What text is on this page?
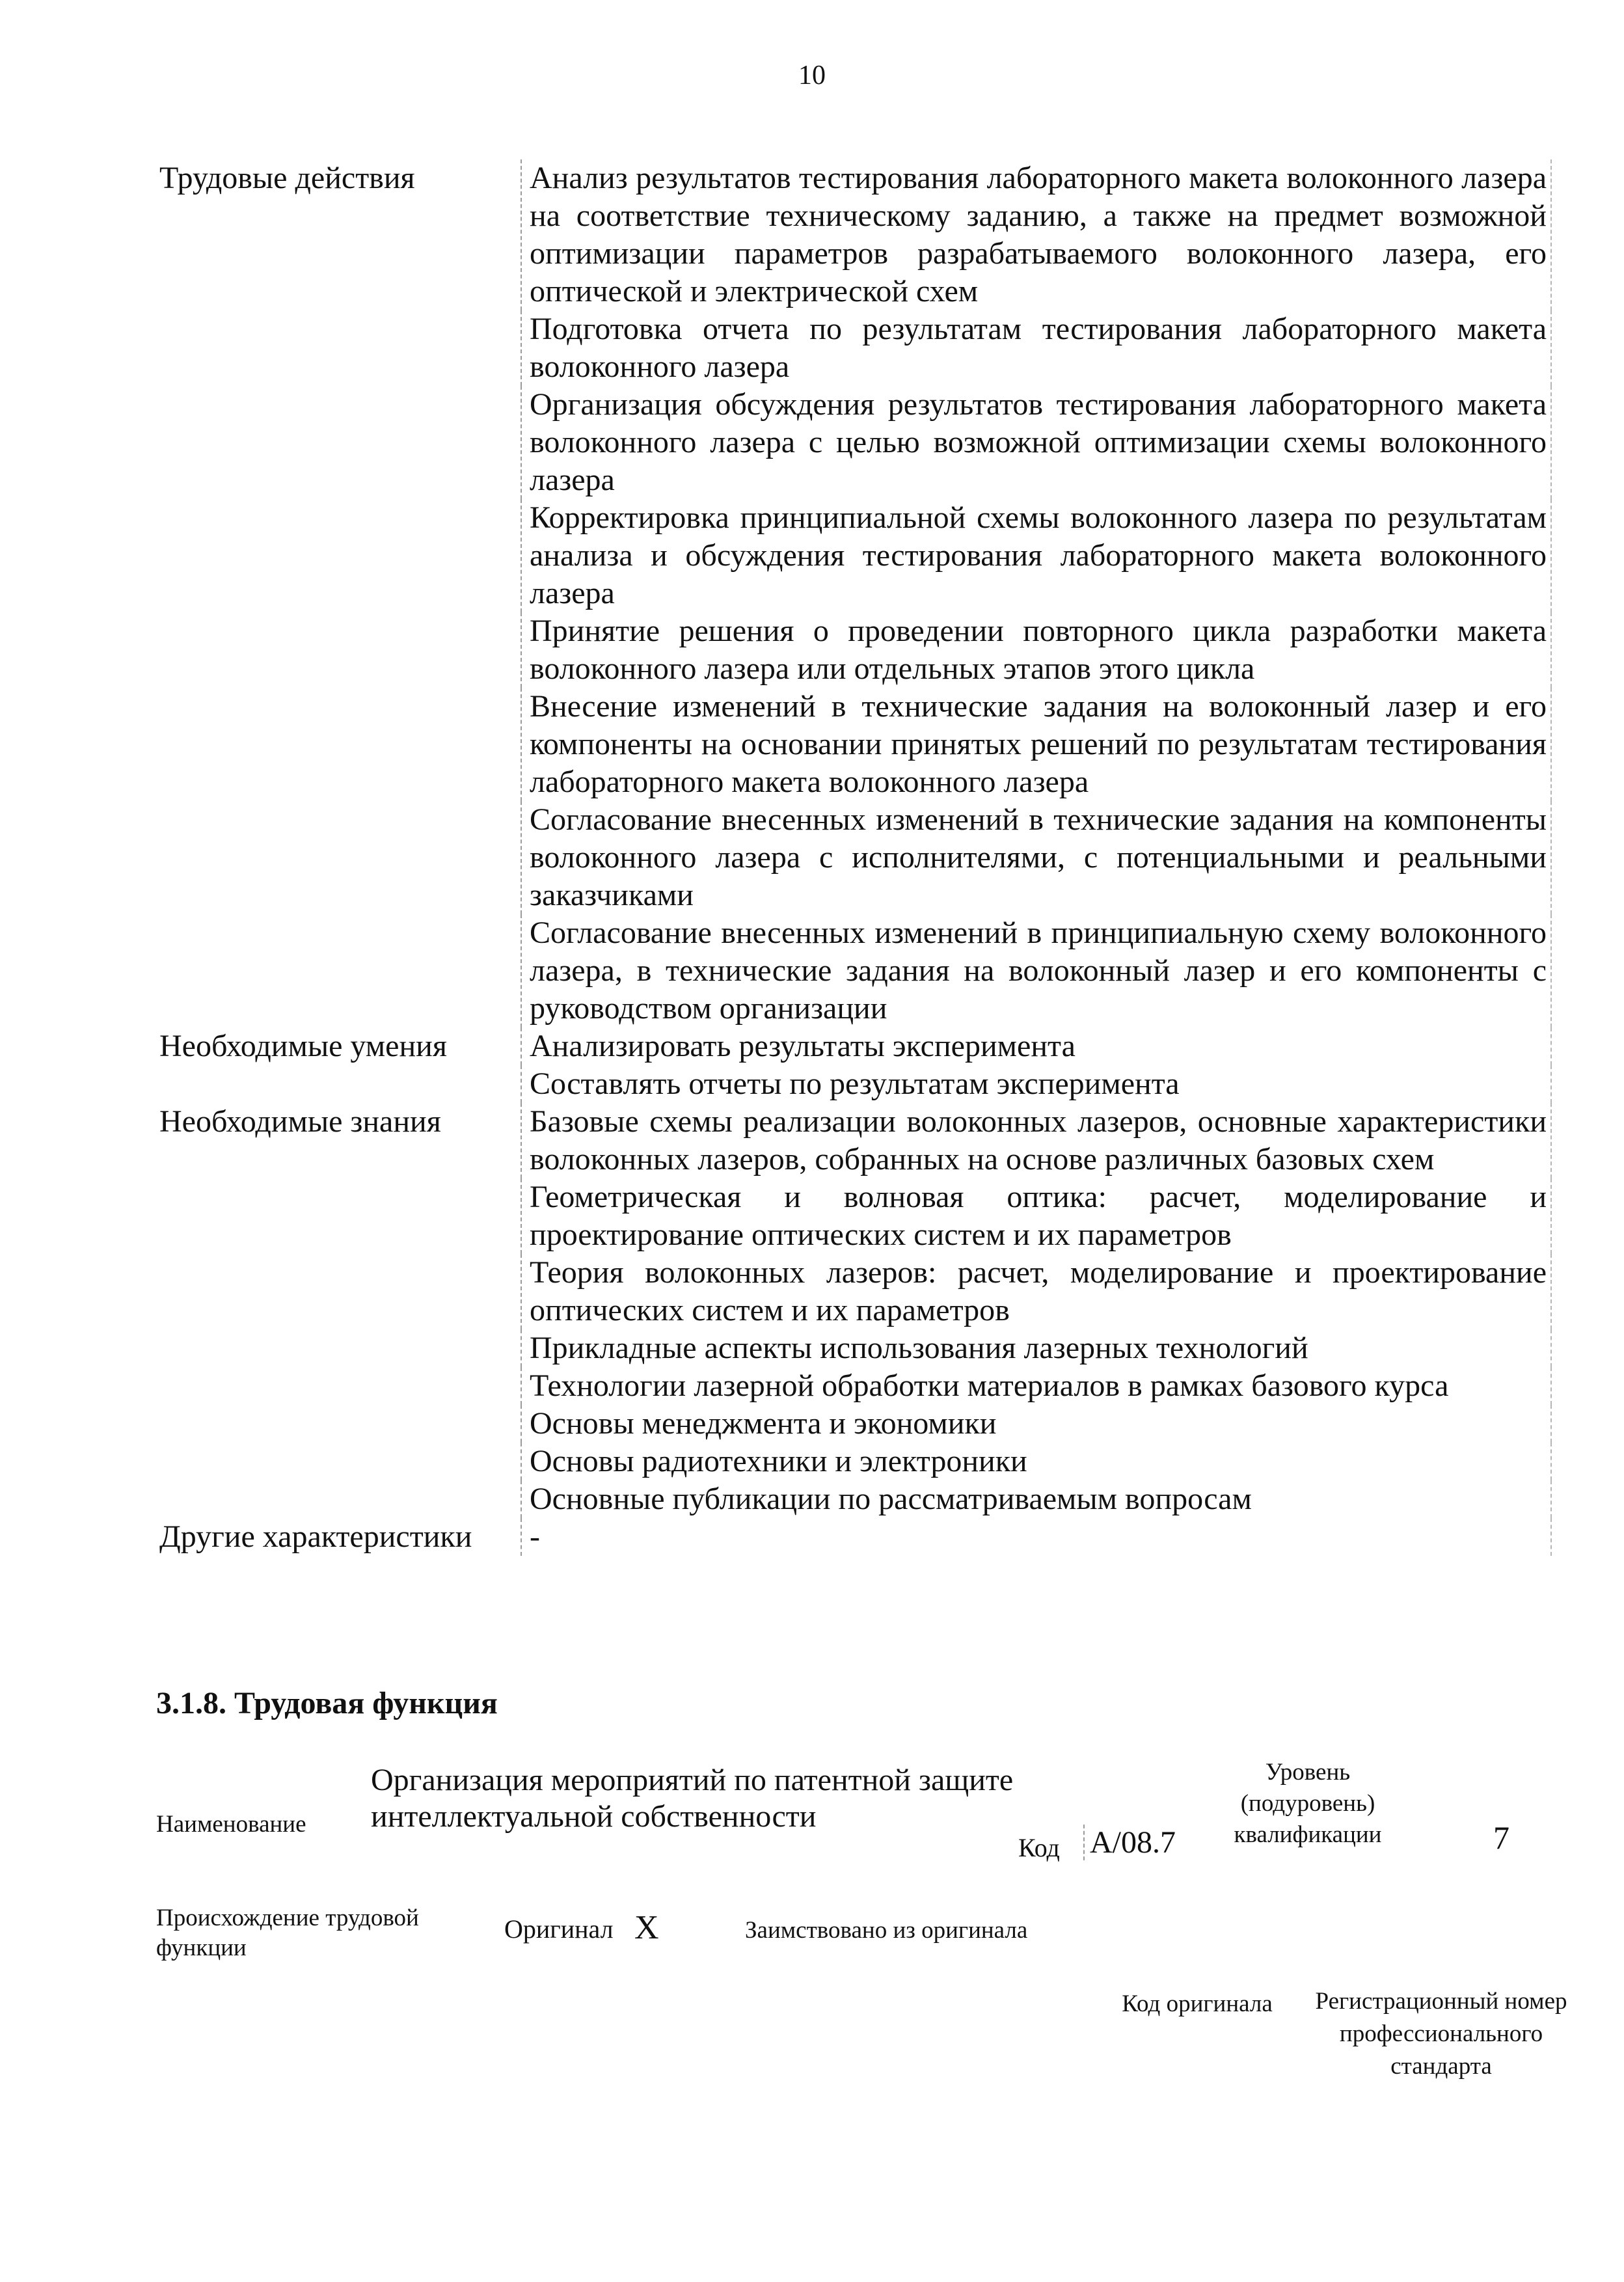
10
Трудовые действия	Анализ результатов тестирования лабораторного макета волоконного лазера на соответствие техническому заданию, а также на предмет возможной оптимизации параметров разрабатываемого волоконного лазера, его оптической и электрической схем
Подготовка отчета по результатам тестирования лабораторного макета волоконного лазера
Организация обсуждения результатов тестирования лабораторного макета волоконного лазера с целью возможной оптимизации схемы волоконного лазера
Корректировка принципиальной схемы волоконного лазера по результатам анализа и обсуждения тестирования лабораторного макета волоконного лазера
Принятие решения о проведении повторного цикла разработки макета волоконного лазера или отдельных этапов этого цикла
Внесение изменений в технические задания на волоконный лазер и его компоненты на основании принятых решений по результатам тестирования лабораторного макета волоконного лазера
Согласование внесенных изменений в технические задания на компоненты волоконного лазера с исполнителями, с потенциальными и реальными заказчиками
Согласование внесенных изменений в принципиальную схему волоконного лазера, в технические задания на волоконный лазер и его компоненты с руководством организации
Необходимые умения	Анализировать результаты эксперимента
Составлять отчеты по результатам эксперимента
Необходимые знания	Базовые схемы реализации волоконных лазеров, основные характеристики волоконных лазеров, собранных на основе различных базовых схем
Геометрическая и волновая оптика: расчет, моделирование и проектирование оптических систем и их параметров
Теория волоконных лазеров: расчет, моделирование и проектирование оптических систем и их параметров
Прикладные аспекты использования лазерных технологий
Технологии лазерной обработки материалов в рамках базового курса
Основы менеджмента и экономики
Основы радиотехники и электроники
Основные публикации по рассматриваемым вопросам
Другие характеристики	-
3.1.8. Трудовая функция
Наименование
Организация мероприятий по патентной защите интеллектуальной собственности
Код А/08.7
Уровень (подуровень) квалификации	7
Происхождение трудовой функции
Оригинал X	Заимствовано из оригинала
Код оригинала Регистрационный номер профессионального стандарта
